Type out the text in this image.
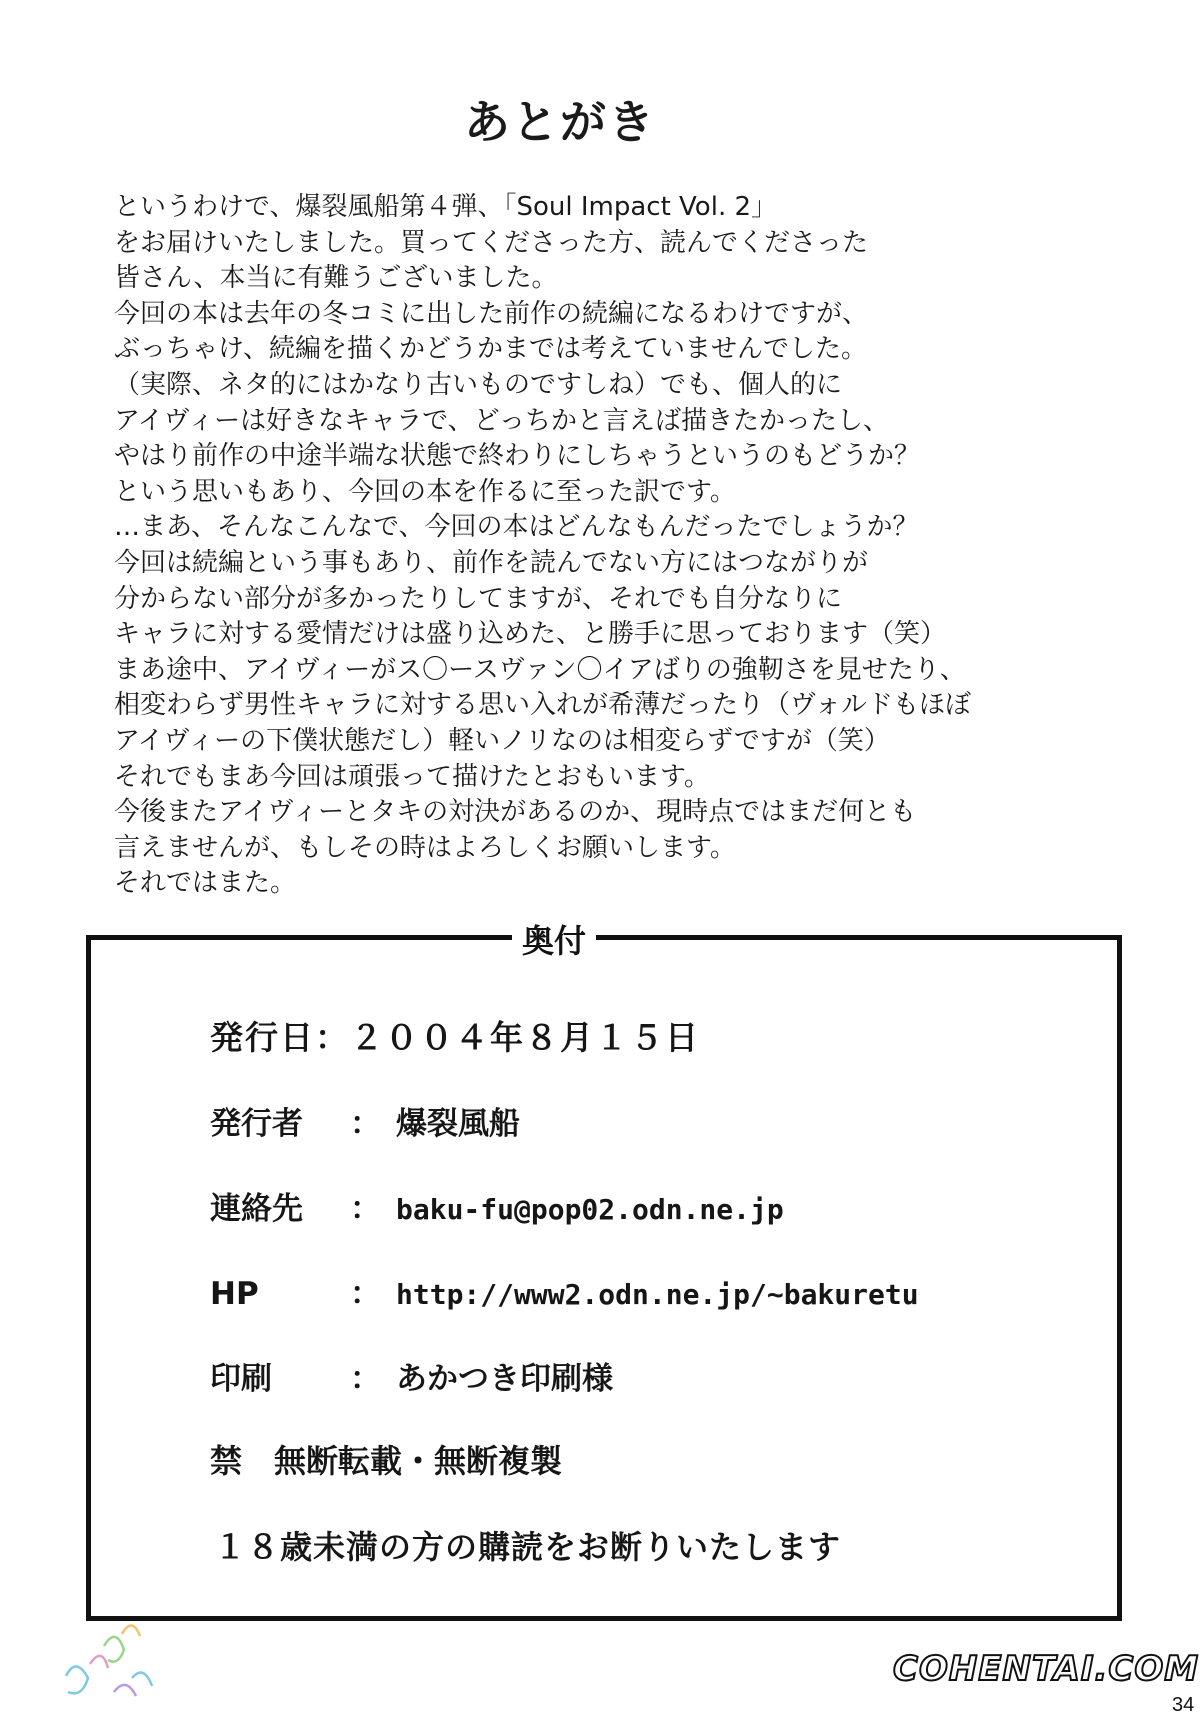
あとがき
というわけで、爆裂風船第４弾、「Soul Impact Vol. 2」
をお届けいたしました。買ってくださった方、読んでくださった
皆さん、本当に有難うございました。
今回の本は去年の冬コミに出した前作の続編になるわけですが、
ぶっちゃけ、続編を描くかどうかまでは考えていませんでした。
（実際、ネタ的にはかなり古いものですしね）でも、個人的に
アイヴィーは好きなキャラで、どっちかと言えば描きたかったし、
やはり前作の中途半端な状態で終わりにしちゃうというのもどうか？
という思いもあり、今回の本を作るに至った訳です。
…まあ、そんなこんなで、今回の本はどんなもんだったでしょうか？
今回は続編という事もあり、前作を読んでない方にはつながりが
分からない部分が多かったりしてますが、それでも自分なりに
キャラに対する愛情だけは盛り込めた、と勝手に思っております（笑）
まあ途中、アイヴィーがス〇ースヴァン〇イアばりの強靭さを見せたり、
相変わらず男性キャラに対する思い入れが希薄だったり（ヴォルドもほぼ
アイヴィーの下僕状態だし）軽いノリなのは相変らずですが（笑）
それでもまあ今回は頑張って描けたとおもいます。
今後またアイヴィーとタキの対決があるのか、現時点ではまだ何とも
言えませんが、もしその時はよろしくお願いします。
それではまた。
奥付
発行日：２００４年８月１５日
発行者 ： 爆裂風船
連絡先 ： baku-fu@pop02.odn.ne.jp
HP	： http://www2.odn.ne.jp/~bakuretu
印刷	： あかつき印刷様
禁　無断転載・無断複製
１８歳未満の方の購読をお断りいたします
COHENTAI.COM
34
